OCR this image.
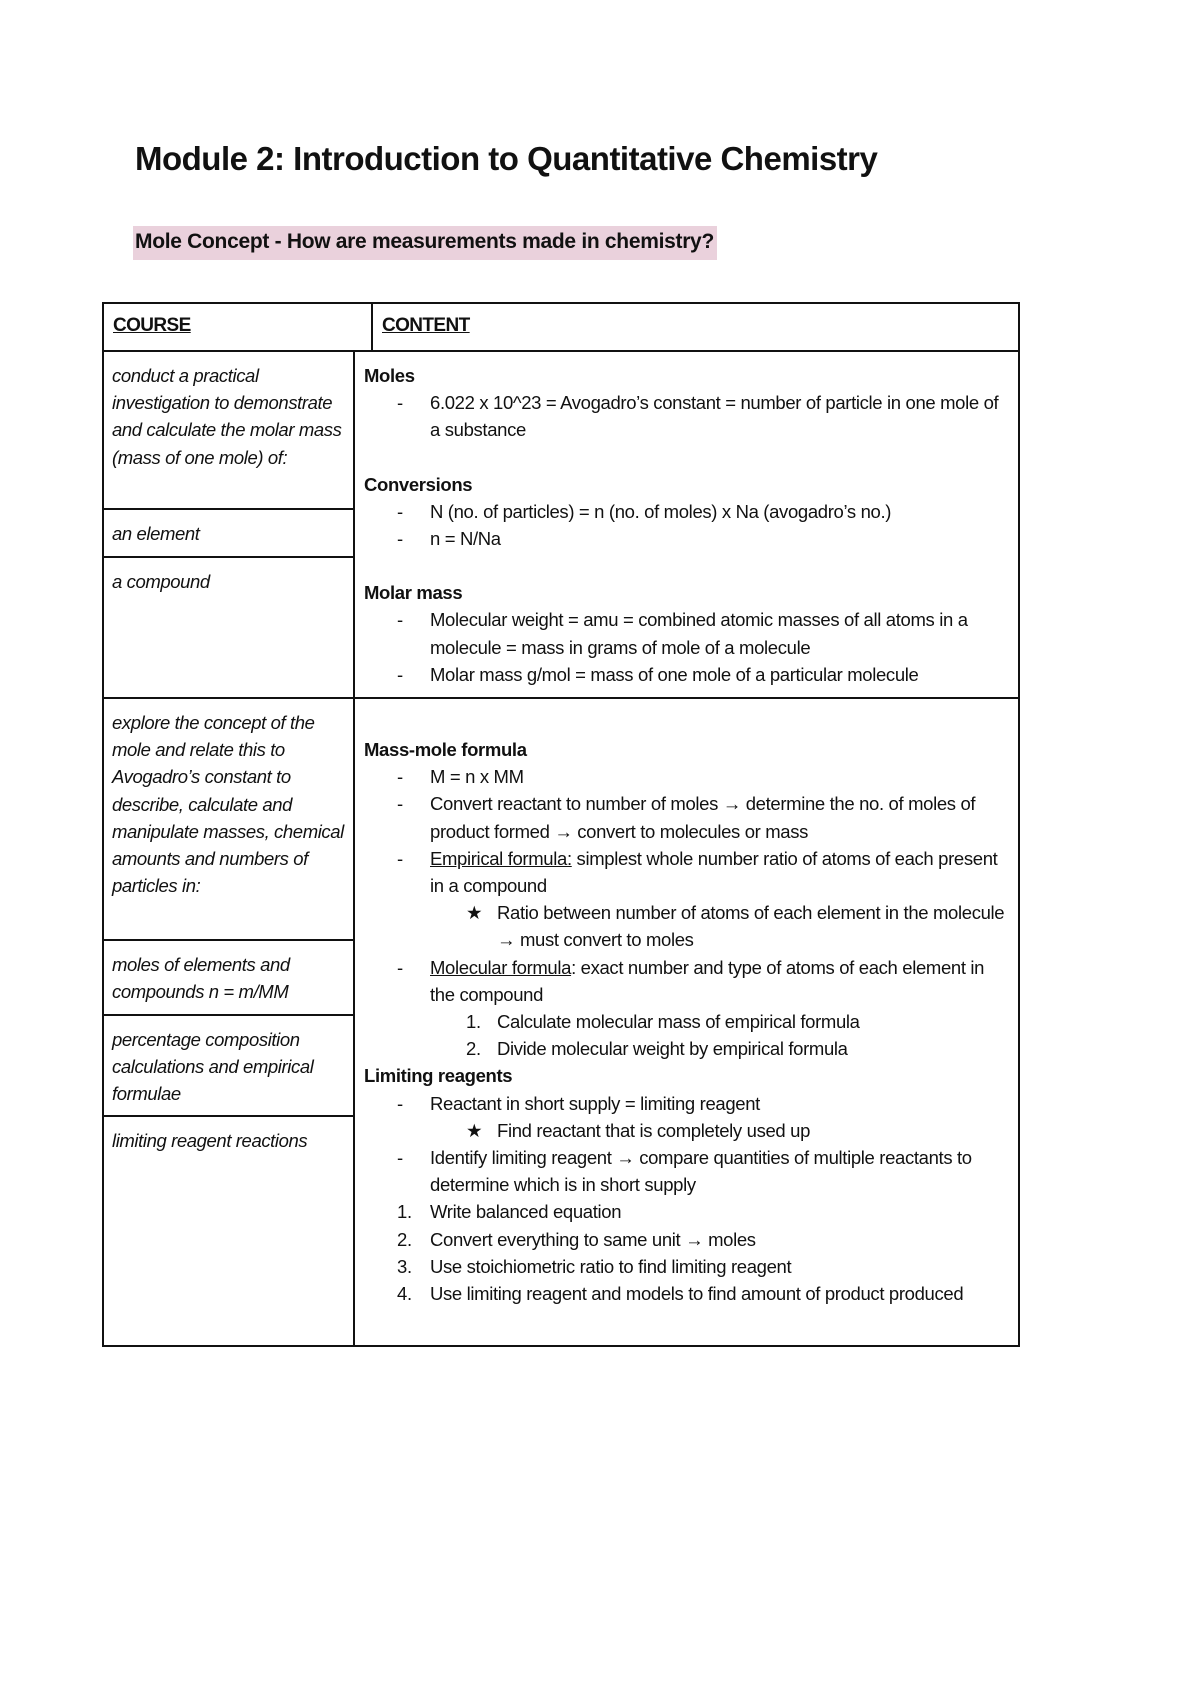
Module 2: Introduction to Quantitative Chemistry
Mole Concept - How are measurements made in chemistry?
COURSE	CONTENT
conduct a practical investigation to demonstrate and calculate the molar mass (mass of one mole) of:
an element
a compound
Moles
- 6.022 x 10^23 = Avogadro’s constant = number of particle in one mole of a substance
Conversions
- N (no. of particles) = n (no. of moles) x Na (avogadro’s no.)
- n = N/Na
Molar mass
- Molecular weight = amu = combined atomic masses of all atoms in a molecule = mass in grams of mole of a molecule
- Molar mass g/mol = mass of one mole of a particular molecule
explore the concept of the mole and relate this to Avogadro’s constant to describe, calculate and manipulate masses, chemical amounts and numbers of particles in:
moles of elements and compounds n = m/MM
percentage composition calculations and empirical formulae
limiting reagent reactions
Mass-mole formula
- M = n x MM
- Convert reactant to number of moles → determine the no. of moles of product formed → convert to molecules or mass
- Empirical formula: simplest whole number ratio of atoms of each present in a compound
★ Ratio between number of atoms of each element in the molecule → must convert to moles
- Molecular formula: exact number and type of atoms of each element in the compound
1. Calculate molecular mass of empirical formula
2. Divide molecular weight by empirical formula
Limiting reagents
- Reactant in short supply = limiting reagent
★ Find reactant that is completely used up
- Identify limiting reagent → compare quantities of multiple reactants to determine which is in short supply
1. Write balanced equation
2. Convert everything to same unit → moles
3. Use stoichiometric ratio to find limiting reagent
4. Use limiting reagent and models to find amount of product produced
